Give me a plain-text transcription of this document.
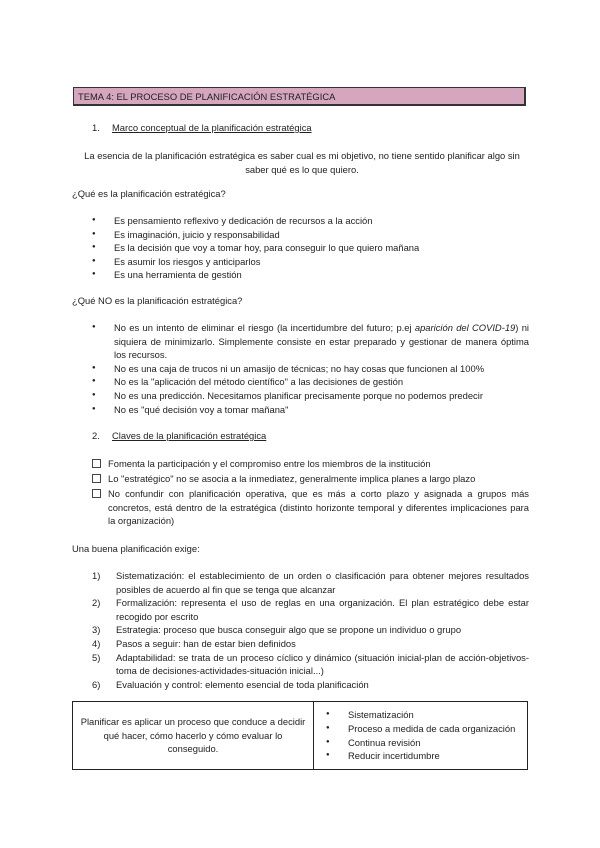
TEMA 4: EL PROCESO DE PLANIFICACIÓN ESTRATÉGICA
1. Marco conceptual de la planificación estratégica
La esencia de la planificación estratégica es saber cual es mi objetivo, no tiene sentido planificar algo sin saber qué es lo que quiero.
¿Qué es la planificación estratégica?
● Es pensamiento reflexivo y dedicación de recursos a la acción
● Es imaginación, juicio y responsabilidad
● Es la decisión que voy a tomar hoy, para conseguir lo que quiero mañana
● Es asumir los riesgos y anticiparlos
● Es una herramienta de gestión
¿Qué NO es la planificación estratégica?
● No es un intento de eliminar el riesgo (la incertidumbre del futuro; p.ej aparición del COVID-19) ni siquiera de minimizarlo. Simplemente consiste en estar preparado y gestionar de manera óptima los recursos.
● No es una caja de trucos ni un amasijo de técnicas; no hay cosas que funcionen al 100%
● No es la "aplicación del método científico" a las decisiones de gestión
● No es una predicción. Necesitamos planificar precisamente porque no podemos predecir
● No es "qué decisión voy a tomar mañana"
2. Claves de la planificación estratégica
Fomenta la participación y el compromiso entre los miembros de la institución
Lo "estratégico" no se asocia a la inmediatez, generalmente implica planes a largo plazo
No confundir con planificación operativa, que es más a corto plazo y asignada a grupos más concretos, está dentro de la estratégica (distinto horizonte temporal y diferentes implicaciones para la organización)
Una buena planificación exige:
1) Sistematización: el establecimiento de un orden o clasificación para obtener mejores resultados posibles de acuerdo al fin que se tenga que alcanzar
2) Formalización: representa el uso de reglas en una organización. El plan estratégico debe estar recogido por escrito
3) Estrategia: proceso que busca conseguir algo que se propone un individuo o grupo
4) Pasos a seguir: han de estar bien definidos
5) Adaptabilidad: se trata de un proceso cíclico y dinámico (situación inicial-plan de acción-objetivos-toma de decisiones-actividades-situación inicial...)
6) Evaluación y control: elemento esencial de toda planificación
Planificar es aplicar un proceso que conduce a decidir qué hacer, cómo hacerlo y cómo evaluar lo conseguido.	
● Sistematización
● Proceso a medida de cada organización
● Continua revisión
● Reducir incertidumbre
